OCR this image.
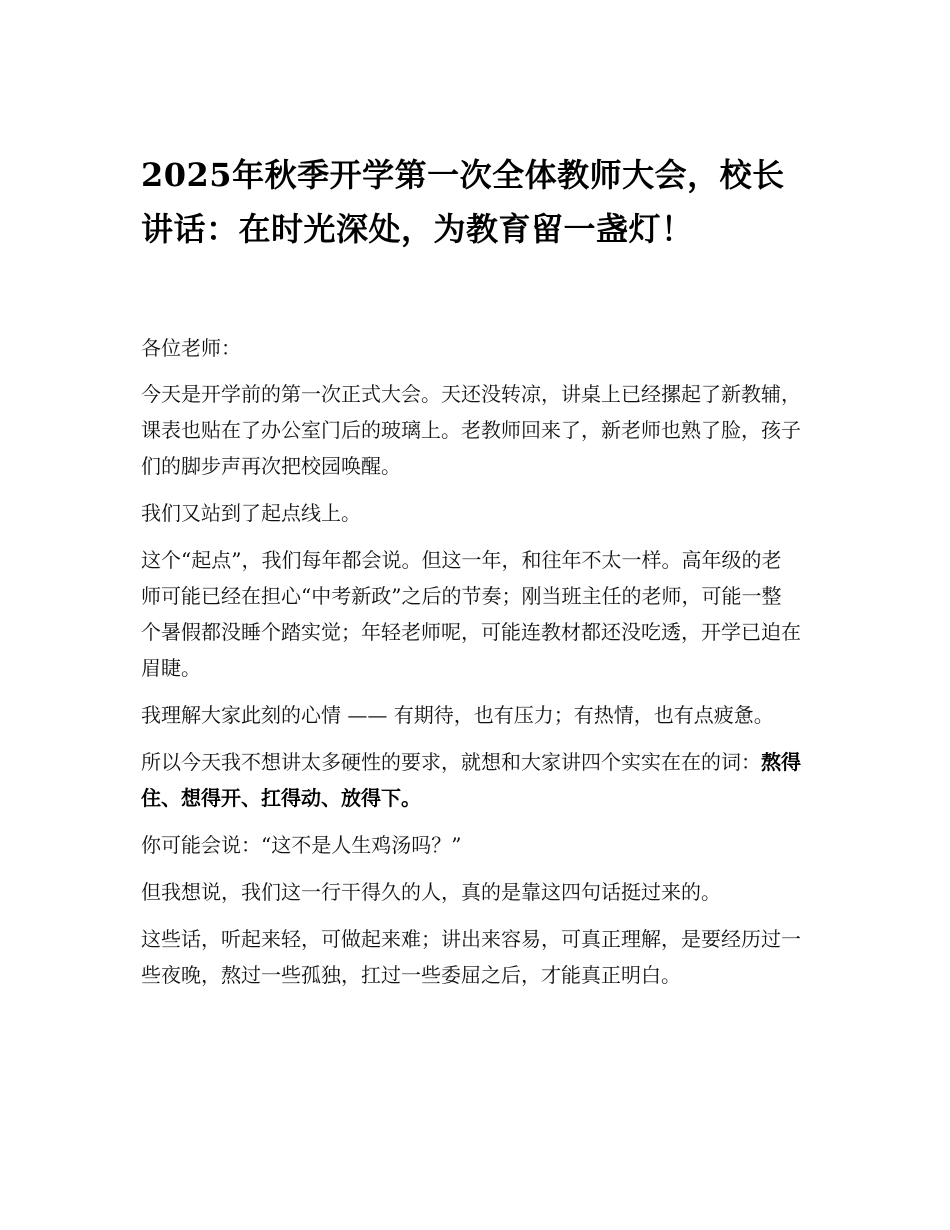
2025年秋季开学第一次全体教师大会，校长讲话：在时光深处，为教育留一盏灯！

各位老师：

今天是开学前的第一次正式大会。天还没转凉，讲桌上已经摞起了新教辅，课表也贴在了办公室门后的玻璃上。老教师回来了，新老师也熟了脸，孩子们的脚步声再次把校园唤醒。

我们又站到了起点线上。

这个“起点”，我们每年都会说。但这一年，和往年不太一样。高年级的老师可能已经在担心“中考新政”之后的节奏；刚当班主任的老师，可能一整个暑假都没睡个踏实觉；年轻老师呢，可能连教材都还没吃透，开学已迫在眉睫。

我理解大家此刻的心情 —— 有期待，也有压力；有热情，也有点疲惫。

所以今天我不想讲太多硬性的要求，就想和大家讲四个实实在在的词：熬得住、想得开、扛得动、放得下。

你可能会说：“这不是人生鸡汤吗？”

但我想说，我们这一行干得久的人，真的是靠这四句话挺过来的。

这些话，听起来轻，可做起来难；讲出来容易，可真正理解，是要经历过一些夜晚，熬过一些孤独，扛过一些委屈之后，才能真正明白。
